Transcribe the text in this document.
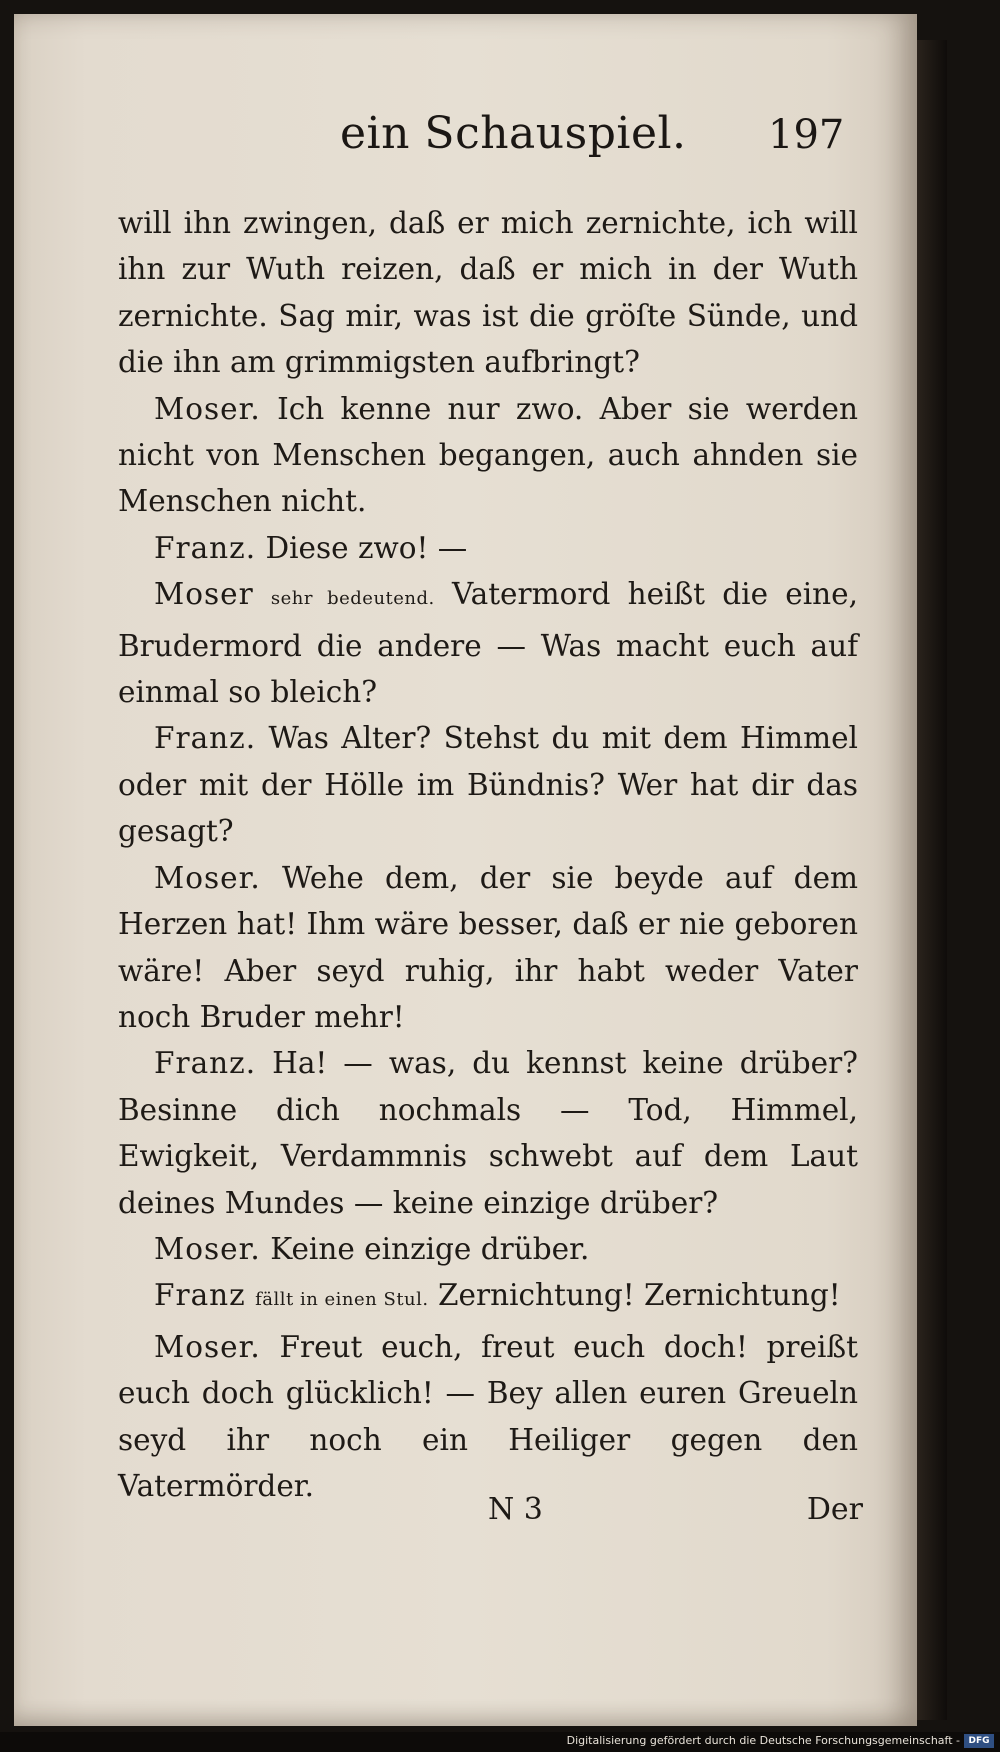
ein Schauspiel. 197

will ihn zwingen, daß er mich zernichte, ich will ihn zur Wuth reizen, daß er mich in der Wuth zernichte. Sag mir, was ist die gröſte Sünde, und die ihn am grimmigsten aufbringt?

Moser. Ich kenne nur zwo. Aber sie werden nicht von Menschen begangen, auch ahnden sie Menschen nicht.

Franz. Diese zwo! —

Moser sehr bedeutend. Vatermord heißt die eine, Brudermord die andere — Was macht euch auf einmal so bleich?

Franz. Was Alter? Stehst du mit dem Himmel oder mit der Hölle im Bündnis? Wer hat dir das gesagt?

Moser. Wehe dem, der sie beyde auf dem Herzen hat! Ihm wäre besser, daß er nie geboren wäre! Aber seyd ruhig, ihr habt weder Vater noch Bruder mehr!

Franz. Ha! — was, du kennst keine drüber? Besinne dich nochmals — Tod, Himmel, Ewigkeit, Verdammnis schwebt auf dem Laut deines Mundes — keine einzige drüber?

Moser. Keine einzige drüber.

Franz fällt in einen Stul. Zernichtung! Zernichtung!

Moser. Freut euch, freut euch doch! preißt euch doch glücklich! — Bey allen euren Greueln seyd ihr noch ein Heiliger gegen den Vatermörder.

N 3	Der
Digitalisierung gefördert durch die Deutsche Forschungsgemeinschaft - DFG
